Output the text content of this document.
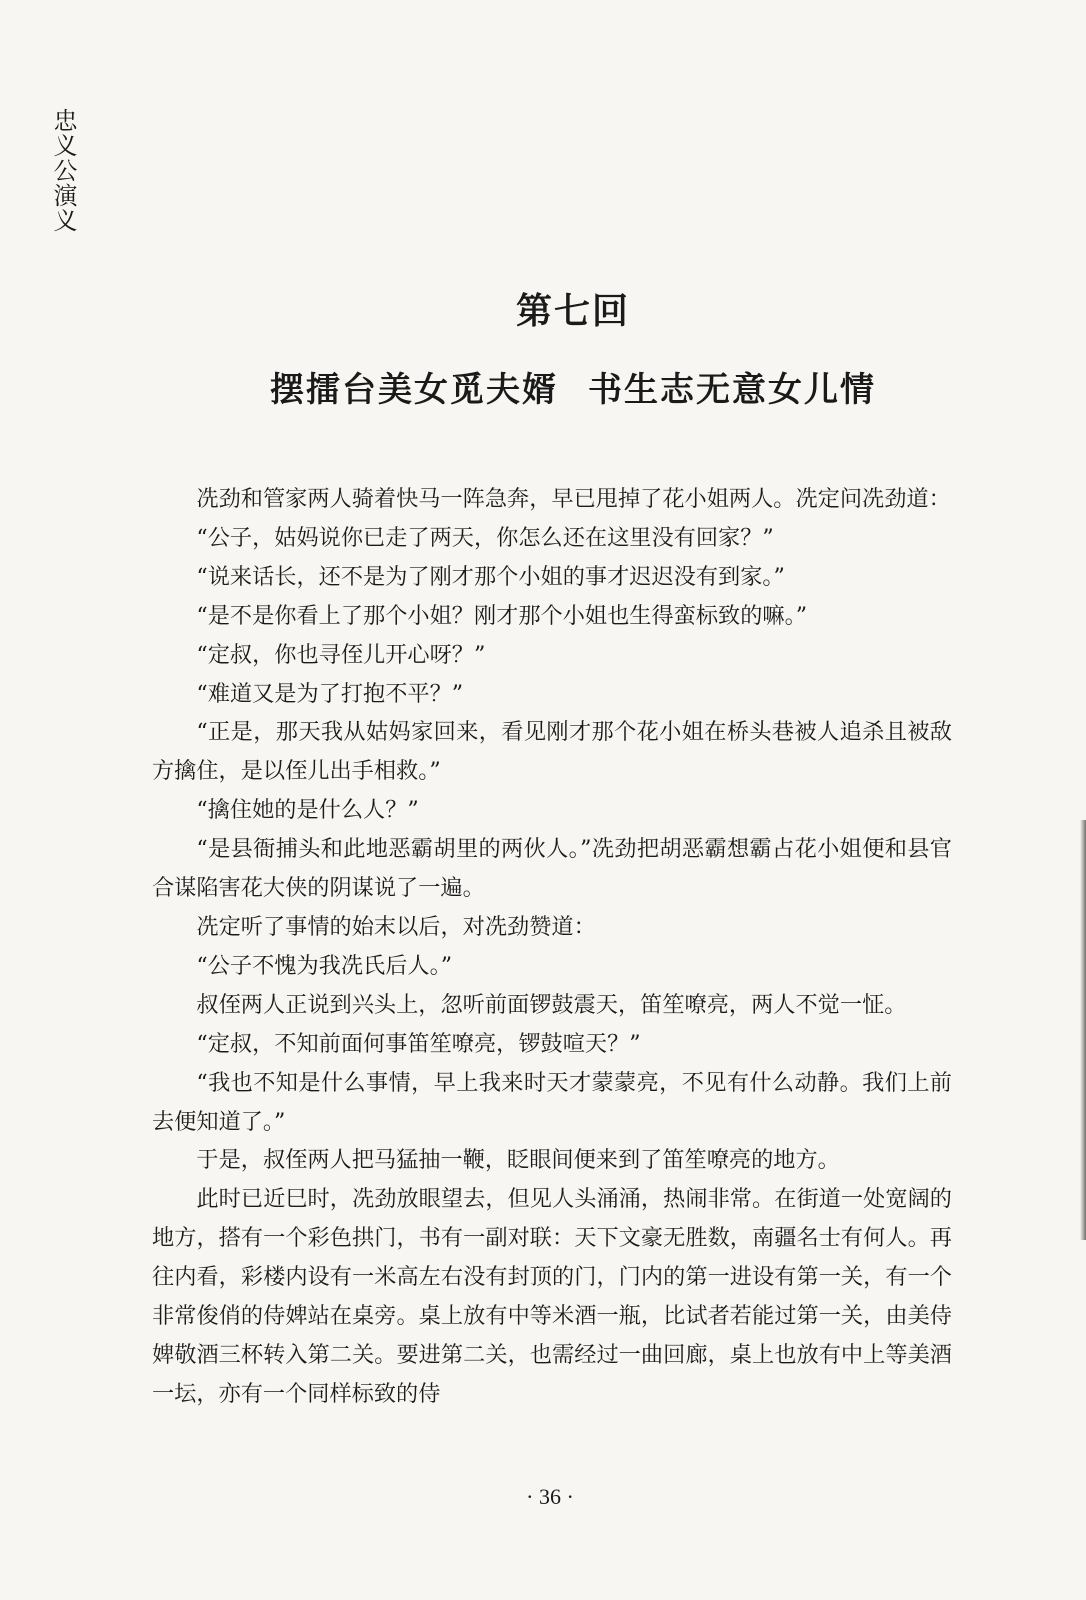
忠义公演义
第七回
摆擂台美女觅夫婿 书生志无意女儿情

冼劲和管家两人骑着快马一阵急奔，早已甩掉了花小姐两人。冼定问冼劲道：

“公子，姑妈说你已走了两天，你怎么还在这里没有回家？”

“说来话长，还不是为了刚才那个小姐的事才迟迟没有到家。”

“是不是你看上了那个小姐？刚才那个小姐也生得蛮标致的嘛。”

“定叔，你也寻侄儿开心呀？”

“难道又是为了打抱不平？”

“正是，那天我从姑妈家回来，看见刚才那个花小姐在桥头巷被人追杀且被敌方擒住，是以侄儿出手相救。”

“擒住她的是什么人？”

“是县衙捕头和此地恶霸胡里的两伙人。”冼劲把胡恶霸想霸占花小姐便和县官合谋陷害花大侠的阴谋说了一遍。

冼定听了事情的始末以后，对冼劲赞道：

“公子不愧为我冼氏后人。”

叔侄两人正说到兴头上，忽听前面锣鼓震天，笛笙嘹亮，两人不觉一怔。

“定叔，不知前面何事笛笙嘹亮，锣鼓喧天？”

“我也不知是什么事情，早上我来时天才蒙蒙亮，不见有什么动静。我们上前去便知道了。”

于是，叔侄两人把马猛抽一鞭，眨眼间便来到了笛笙嘹亮的地方。

此时已近巳时，冼劲放眼望去，但见人头涌涌，热闹非常。在街道一处宽阔的地方，搭有一个彩色拱门，书有一副对联：天下文豪无胜数，南疆名士有何人。再往内看，彩楼内设有一米高左右没有封顶的门，门内的第一进设有第一关，有一个非常俊俏的侍婢站在桌旁。桌上放有中等米酒一瓶，比试者若能过第一关，由美侍婢敬酒三杯转入第二关。要进第二关，也需经过一曲回廊，桌上也放有中上等美酒一坛，亦有一个同样标致的侍

· 36 ·
